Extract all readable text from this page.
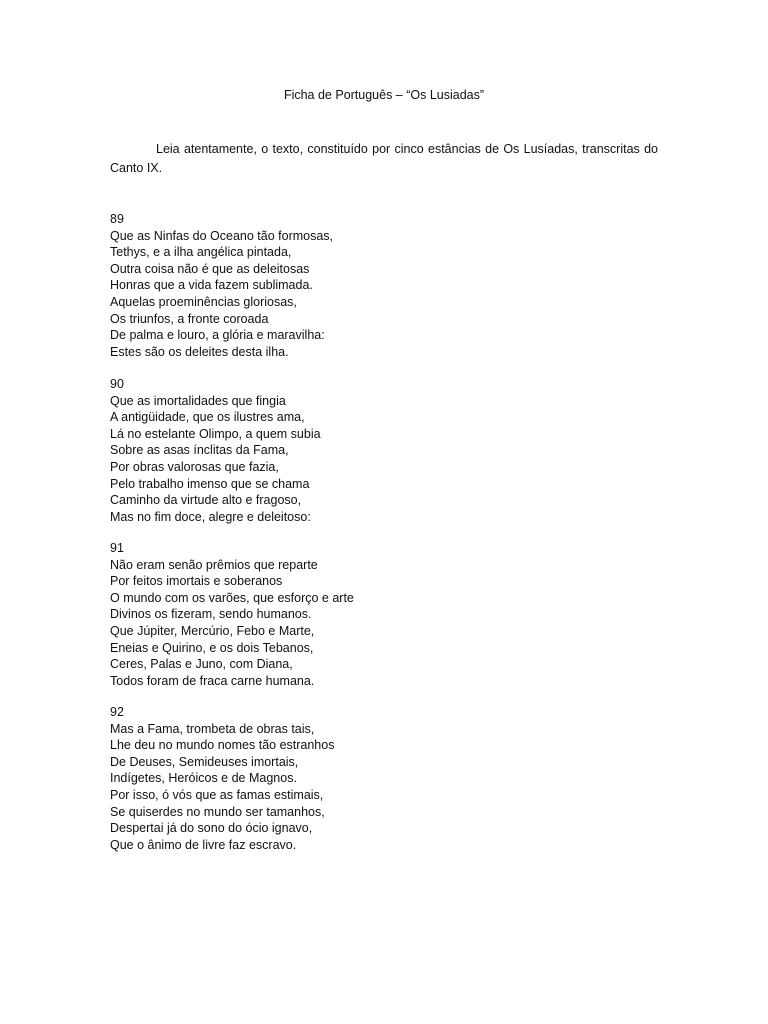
Ficha de Português – “Os Lusiadas”

Leia atentamente, o texto, constituído por cinco estâncias de Os Lusíadas, transcritas do Canto IX.

89
Que as Ninfas do Oceano tão formosas,
Tethys, e a ilha angélica pintada,
Outra coisa não é que as deleitosas
Honras que a vida fazem sublimada.
Aquelas proeminências gloriosas,
Os triunfos, a fronte coroada
De palma e louro, a glória e maravilha:
Estes são os deleites desta ilha.
90
Que as imortalidades que fingia
A antigüidade, que os ilustres ama,
Lá no estelante Olimpo, a quem subia
Sobre as asas ínclitas da Fama,
Por obras valorosas que fazia,
Pelo trabalho imenso que se chama
Caminho da virtude alto e fragoso,
Mas no fim doce, alegre e deleitoso:
91
Não eram senão prêmios que reparte
Por feitos imortais e soberanos
O mundo com os varões, que esforço e arte
Divinos os fizeram, sendo humanos.
Que Júpiter, Mercúrio, Febo e Marte,
Eneias e Quirino, e os dois Tebanos,
Ceres, Palas e Juno, com Diana,
Todos foram de fraca carne humana.
92
Mas a Fama, trombeta de obras tais,
Lhe deu no mundo nomes tão estranhos
De Deuses, Semideuses imortais,
Indígetes, Heróicos e de Magnos.
Por isso, ó vós que as famas estimais,
Se quiserdes no mundo ser tamanhos,
Despertai já do sono do ócio ignavo,
Que o ânimo de livre faz escravo.
